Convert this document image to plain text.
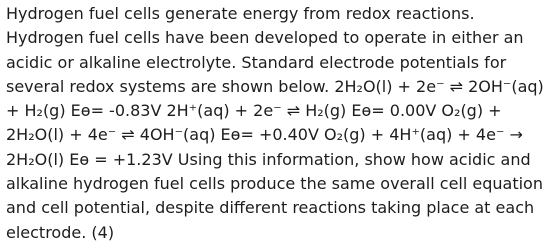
Hydrogen fuel cells generate energy from redox reactions. Hydrogen fuel cells have been developed to operate in either an acidic or alkaline electrolyte. Standard electrode potentials for several redox systems are shown below. 2H₂O(l) + 2e⁻ ⇌ 2OH⁻(aq) + H₂(g) Eɵ= -0.83V 2H⁺(aq) + 2e⁻ ⇌ H₂(g) Eɵ= 0.00V O₂(g) + 2H₂O(l) + 4e⁻ ⇌ 4OH⁻(aq) Eɵ= +0.40V O₂(g) + 4H⁺(aq) + 4e⁻ → 2H₂O(l) Eɵ = +1.23V Using this information, show how acidic and alkaline hydrogen fuel cells produce the same overall cell equation and cell potential, despite different reactions taking place at each electrode. (4)
